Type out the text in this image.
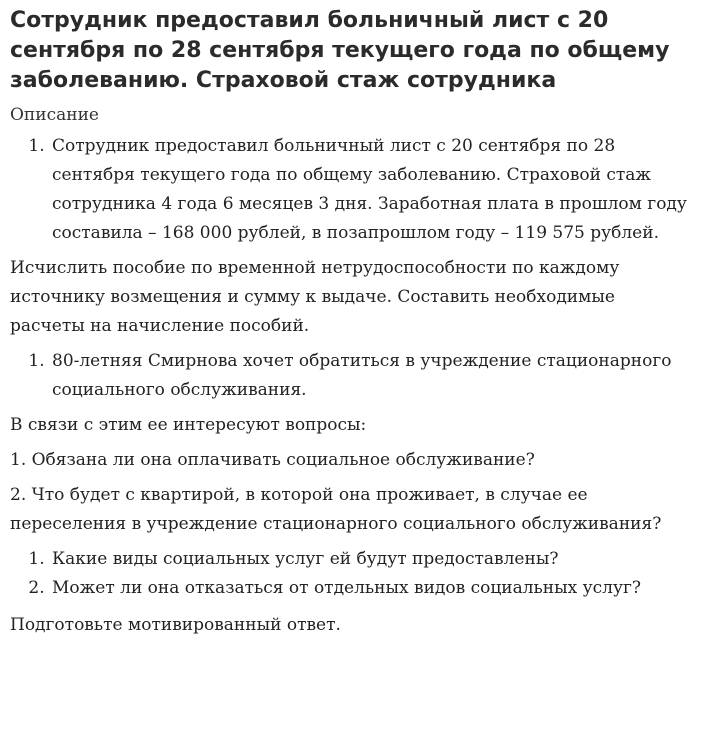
Сотрудник предоставил больничный лист с 20 сентября по 28 сентября текущего года по общему заболеванию. Страховой стаж сотрудника
Описание
1. Сотрудник предоставил больничный лист с 20 сентября по 28 сентября текущего года по общему заболеванию. Страховой стаж сотрудника 4 года 6 месяцев 3 дня. Заработная плата в прошлом году составила – 168 000 рублей, в позапрошлом году – 119 575 рублей.

Исчислить пособие по временной нетрудоспособности по каждому источнику возмещения и сумму к выдаче. Составить необходимые расчеты на начисление пособий.

1. 80-летняя Смирнова хочет обратиться в учреждение стационарного социального обслуживания.

В связи с этим ее интересуют вопросы:

1. Обязана ли она оплачивать социальное обслуживание?

2. Что будет с квартирой, в которой она проживает, в случае ее переселения в учреждение стационарного социального обслуживания?

1. Какие виды социальных услуг ей будут предоставлены?
2. Может ли она отказаться от отдельных видов социальных услуг?

Подготовьте мотивированный ответ.
